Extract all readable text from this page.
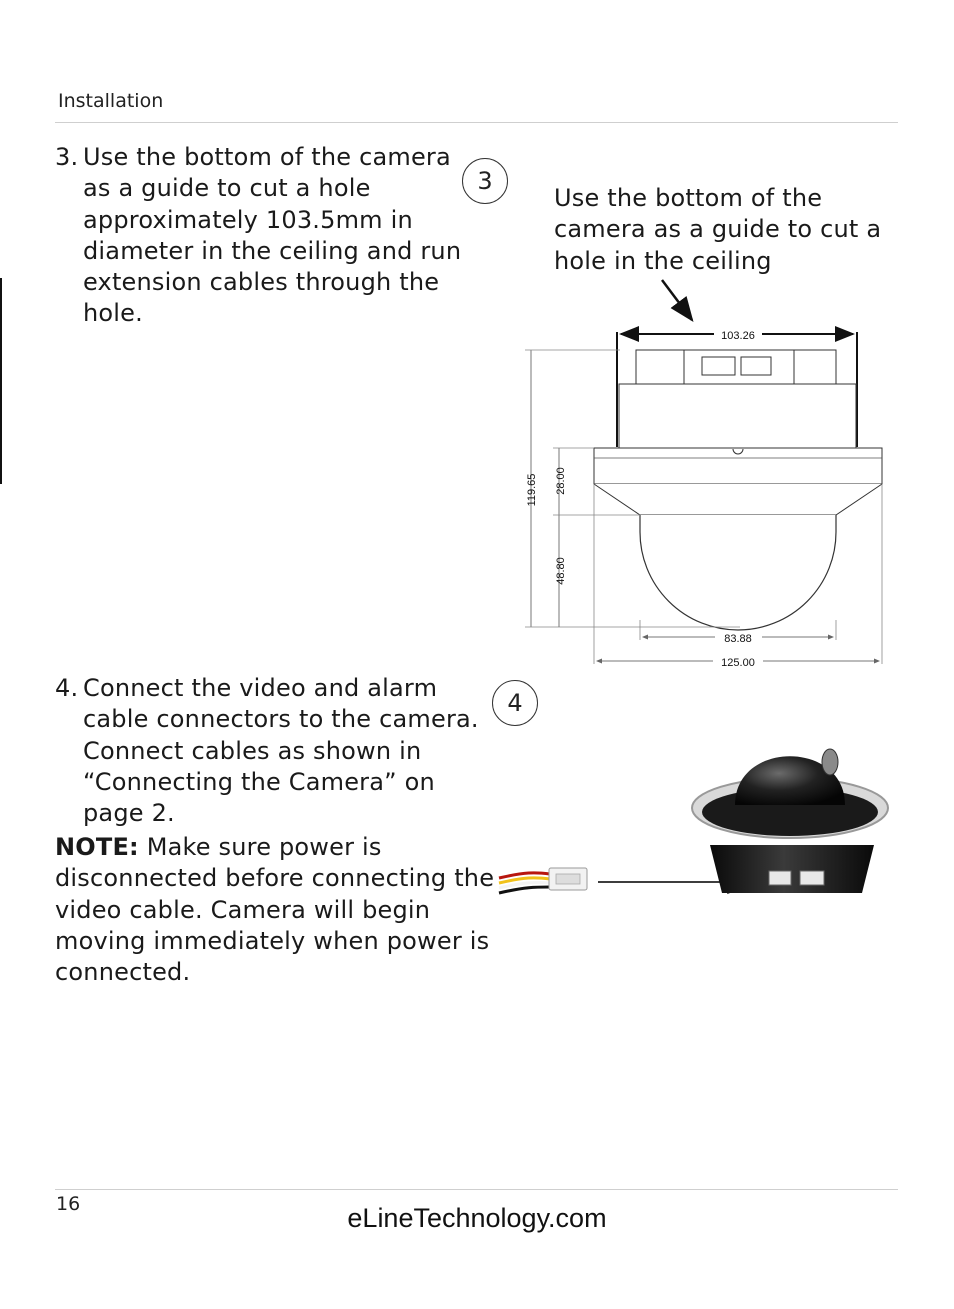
Installation
3. Use the bottom of the camera
as a guide to cut a hole
approximately 103.5mm in
diameter in the ceiling and run
extension cables through the
hole.
3
Use the bottom of the
camera as a guide to cut a
hole in the ceiling
103.26
119.65 28.00
48.80
83.88
125.00
4. Connect the video and alarm
cable connectors to the camera.
Connect cables as shown in
“Connecting the Camera” on
page 2.
NOTE: Make sure power is
disconnected before connecting the
video cable. Camera will begin
moving immediately when power is
connected.
4
16	eLineTechnology.com
